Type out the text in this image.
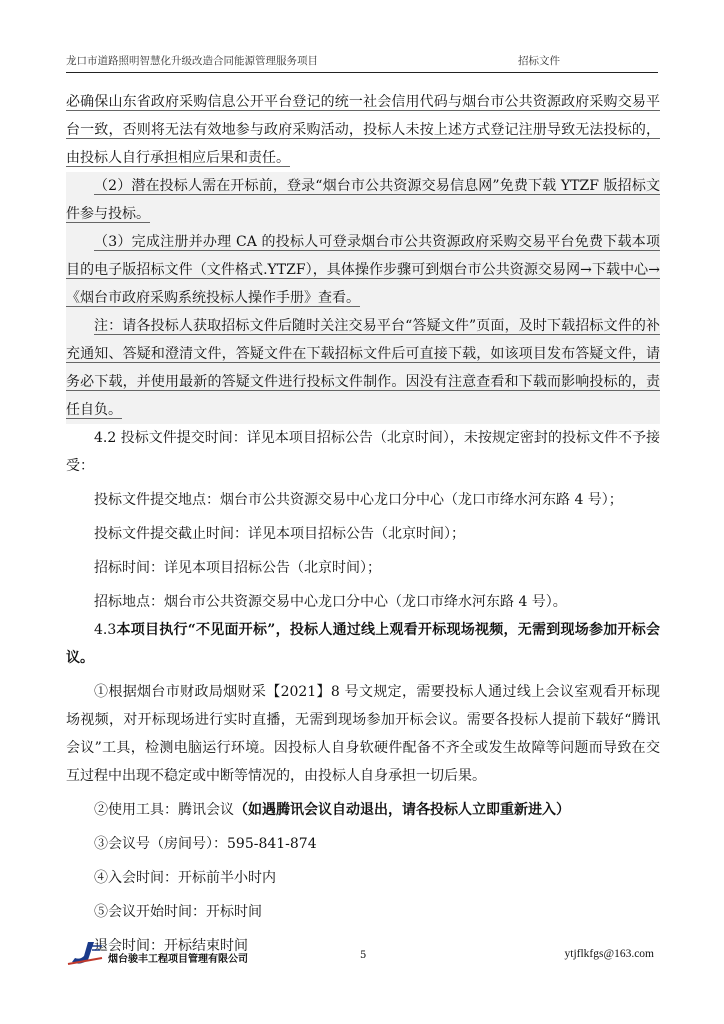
龙口市道路照明智慧化升级改造合同能源管理服务项目	招标文件

必确保山东省政府采购信息公开平台登记的统一社会信用代码与烟台市公共资源政府采购交易平台一致，否则将无法有效地参与政府采购活动，投标人未按上述方式登记注册导致无法投标的，由投标人自行承担相应后果和责任。

（2）潜在投标人需在开标前，登录“烟台市公共资源交易信息网”免费下载 YTZF 版招标文件参与投标。

（3）完成注册并办理 CA 的投标人可登录烟台市公共资源政府采购交易平台免费下载本项目的电子版招标文件（文件格式.YTZF），具体操作步骤可到烟台市公共资源交易网→下载中心→《烟台市政府采购系统投标人操作手册》查看。

注：请各投标人获取招标文件后随时关注交易平台“答疑文件”页面，及时下载招标文件的补充通知、答疑和澄清文件，答疑文件在下载招标文件后可直接下载，如该项目发布答疑文件，请务必下载，并使用最新的答疑文件进行投标文件制作。因没有注意查看和下载而影响投标的，责任自负。

4.2 投标文件提交时间：详见本项目招标公告（北京时间），未按规定密封的投标文件不予接受：

投标文件提交地点：烟台市公共资源交易中心龙口分中心（龙口市绛水河东路 4 号）；

投标文件提交截止时间：详见本项目招标公告（北京时间）；

招标时间：详见本项目招标公告（北京时间）；

招标地点：烟台市公共资源交易中心龙口分中心（龙口市绛水河东路 4 号）。

4.3本项目执行“不见面开标”，投标人通过线上观看开标现场视频，无需到现场参加开标会议。

①根据烟台市财政局烟财采【2021】8 号文规定，需要投标人通过线上会议室观看开标现场视频，对开标现场进行实时直播，无需到现场参加开标会议。需要各投标人提前下载好“腾讯会议”工具，检测电脑运行环境。因投标人自身软硬件配备不齐全或发生故障等问题而导致在交互过程中出现不稳定或中断等情况的，由投标人自身承担一切后果。

②使用工具：腾讯会议（如遇腾讯会议自动退出，请各投标人立即重新进入）

③会议号（房间号）：595-841-874

④入会时间：开标前半小时内

⑤会议开始时间：开标时间

退会时间：开标结束时间

烟台骏丰工程项目管理有限公司	5	ytjflkfgs@163.com
